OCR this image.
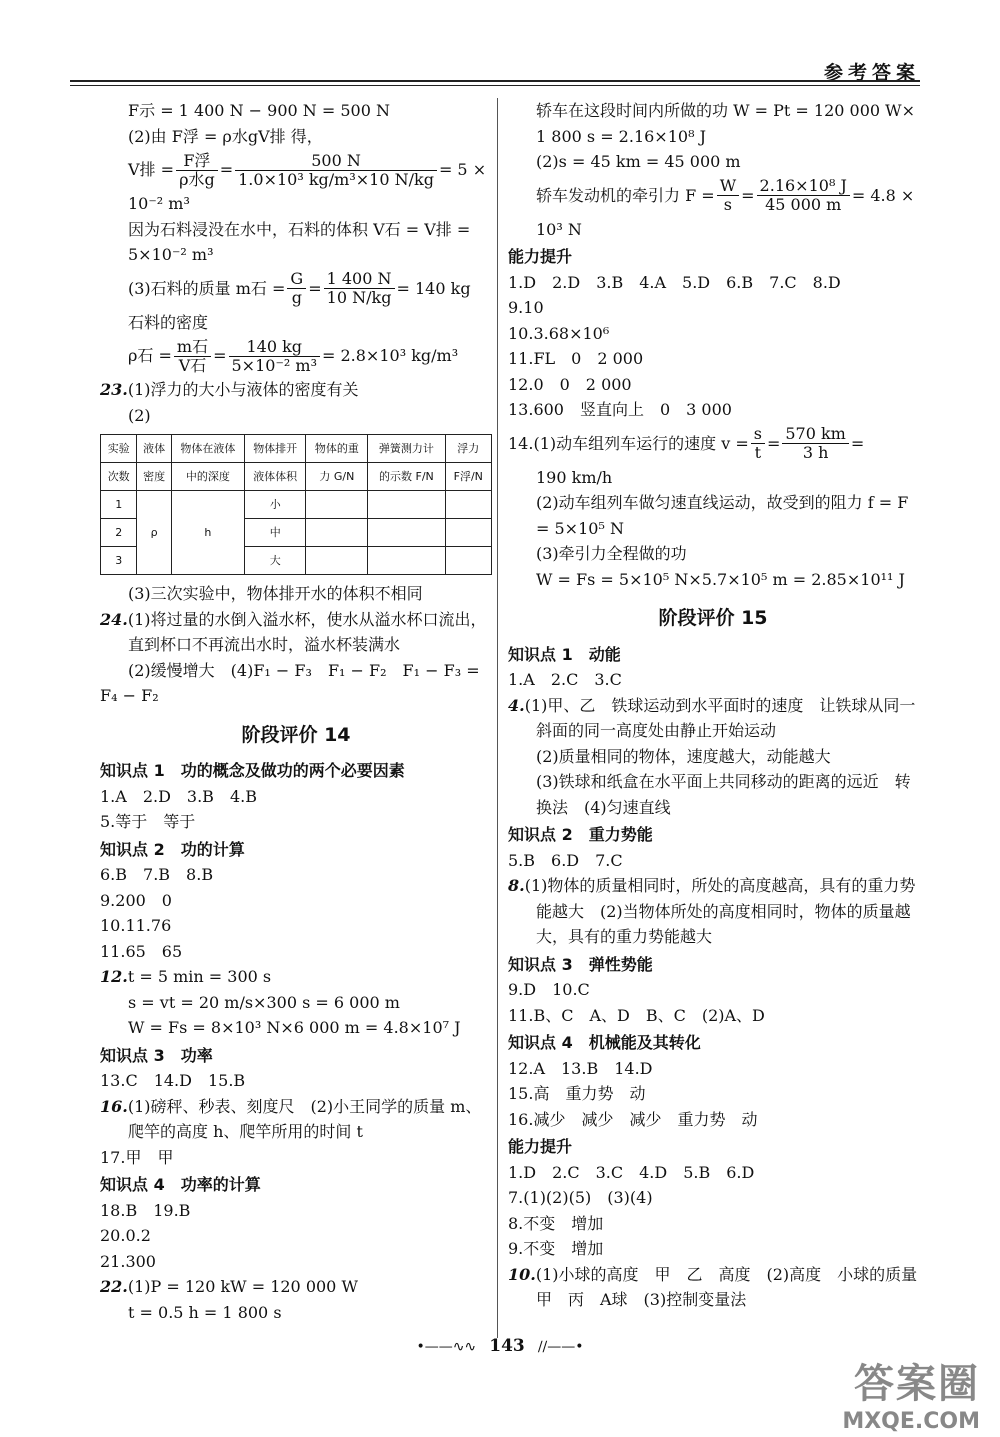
参考答案
F示 = 1 400 N − 900 N = 500 N
(2)由 F浮 = ρ水gV排 得，
V排 = $\frac{\text{F浮}}{\text{ρ水g}} = \frac{500 N}{\text{1.0×10³ kg/m³×10 N/kg}} = 5$ ×
10⁻² m³
因为石料浸没在水中，石料的体积 V石 = V排 =
5×10⁻² m³
(3)石料的质量 m石 = $\frac{G}{g} = \frac{1 400 N}{10 N/kg} = 140$ kg
石料的密度
ρ石 = $\frac{\text{m石}}{\text{V石}} = \frac{140 kg}{\text{5×10⁻² m³}} = 2.8\times 10^3$ kg/m³
23.(1)浮力的大小与液体的密度有关
(2)
实验	液体	物体在液体	物体排开	物体的重	弹簧测力计	浮力
次数	密度	中的深度	液体体积	力 G/N	的示数 F/N	F浮/N
1	ρ	h	小			
2			中			
3			大			
(3)三次实验中，物体排开水的体积不相同
24.(1)将过量的水倒入溢水杯，使水从溢水杯口流出，直到杯口不再流出水时，溢水杯装满水
(2)缓慢增大　(4)F₁ − F₃　F₁ − F₂　F₁ − F₃ =
F₄ − F₂
阶段评价 14
知识点 1　功的概念及做功的两个必要因素
1.A　2.D　3.B　4.B
5.等于　等于
知识点 2　功的计算
6.B　7.B　8.B
9.200　0
10.11.76
11.65　65
12.t = 5 min = 300 s
s = vt = 20 m/s×300 s = 6 000 m
W = Fs = 8×10³ N×6 000 m = 4.8×10⁷ J
知识点 3　功率
13.C　14.D　15.B
16.(1)磅秤、秒表、刻度尺　(2)小王同学的质量 m、爬竿的高度 h、爬竿所用的时间 t
17.甲　甲
知识点 4　功率的计算
18.B　19.B
20.0.2
21.300
22.(1)P = 120 kW = 120 000 W
t = 0.5 h = 1 800 s
轿车在这段时间内所做的功 W = Pt = 120 000 W×
1 800 s = 2.16×10⁸ J
(2)s = 45 km = 45 000 m
轿车发动机的牵引力 $F = \frac{W}{s} = \frac{\text{2.16×10⁸ J}}{45 000 m} = 4.8$ ×
10³ N
能力提升
1.D　2.D　3.B　4.A　5.D　6.B　7.C　8.D
9.10
10.3.68×10⁶
11.FL　0　2 000
12.0　0　2 000
13.600　竖直向上　0　3 000
14.(1)动车组列车运行的速度 $v = \frac{s}{t} = \frac{570 km}{3 h}$ =
190 km/h
(2)动车组列车做匀速直线运动，故受到的阻力 f = F = 5×10⁵ N
(3)牵引力全程做的功
W = Fs = 5×10⁵ N×5.7×10⁵ m = 2.85×10¹¹ J
阶段评价 15
知识点 1　动能
1.A　2.C　3.C
4.(1)甲、乙　铁球运动到水平面时的速度　让铁球从同一斜面的同一高度处由静止开始运动
(2)质量相同的物体，速度越大，动能越大
(3)铁球和纸盒在水平面上共同移动的距离的远近　转换法　(4)匀速直线
知识点 2　重力势能
5.B　6.D　7.C
8.(1)物体的质量相同时，所处的高度越高，具有的重力势能越大　(2)当物体所处的高度相同时，物体的质量越大，具有的重力势能越大
知识点 3　弹性势能
9.D　10.C
11.B、C　A、D　B、C　(2)A、D
知识点 4　机械能及其转化
12.A　13.B　14.D
15.高　重力势　动
16.减少　减少　减少　重力势　动
能力提升
1.D　2.C　3.C　4.D　5.B　6.D
7.(1)(2)(5)　(3)(4)
8.不变　增加
9.不变　增加
10.(1)小球的高度　甲　乙　高度　(2)高度　小球的质量　甲　丙　A球　(3)控制变量法
•——∿∿ 143 ∕∕——•
答案圈
MXQE.COM
